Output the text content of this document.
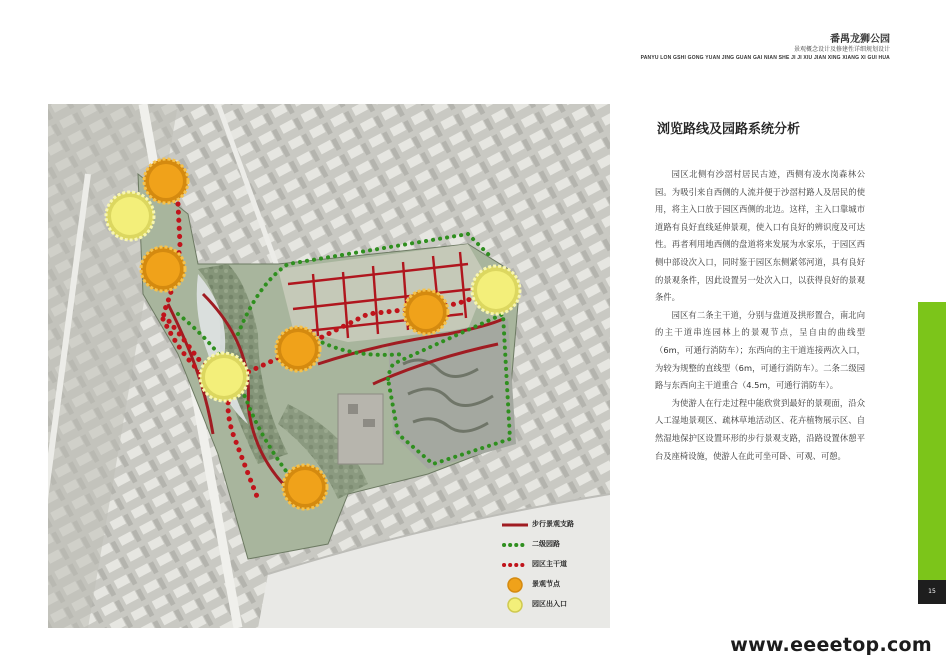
番禺龙狮公园
景观概念设计及修建性详细规划设计
PANYU LON GSHI GONG YUAN JING GUAN GAI NIAN SHE JI JI XIU JIAN XING XIANG XI GUI HUA
步行景观支路
二级园路
园区主干道
景观节点
园区出入口
浏览路线及园路系统分析

园区北侧有沙滘村居民古迹，西侧有凌水岗森林公园。为吸引来自西侧的人流并便于沙滘村路人及居民的使用，将主入口放于园区西侧的北边。这样，主入口靠城市道路有良好直线延伸景观，使入口有良好的辨识度及可达性。再者利用地西侧的盘道将来发展为水家乐，于园区西侧中部设次入口，同时鉴于园区东侧紧邻河道，具有良好的景观条件，因此设置另一处次入口，以获得良好的景观条件。

园区有二条主干道，分别与盘道及拱形置合，南北向的主干道串连园林上的景观节点，呈自由的曲线型（6m，可通行消防车）；东西向的主干道连接两次入口，为较为规整的直线型（6m，可通行消防车）。二条二级园路与东西向主干道重合（4.5m，可通行消防车）。

为使游人在行走过程中能欣赏到最好的景观面，沿众人工湿地景观区、疏林草地活动区、花卉植物展示区、自然湿地保护区设置环形的步行景观支路，沿路设置休憩平台及座椅设施，使游人在此可坐可卧、可观、可憩。

15
www.eeeetop.com
